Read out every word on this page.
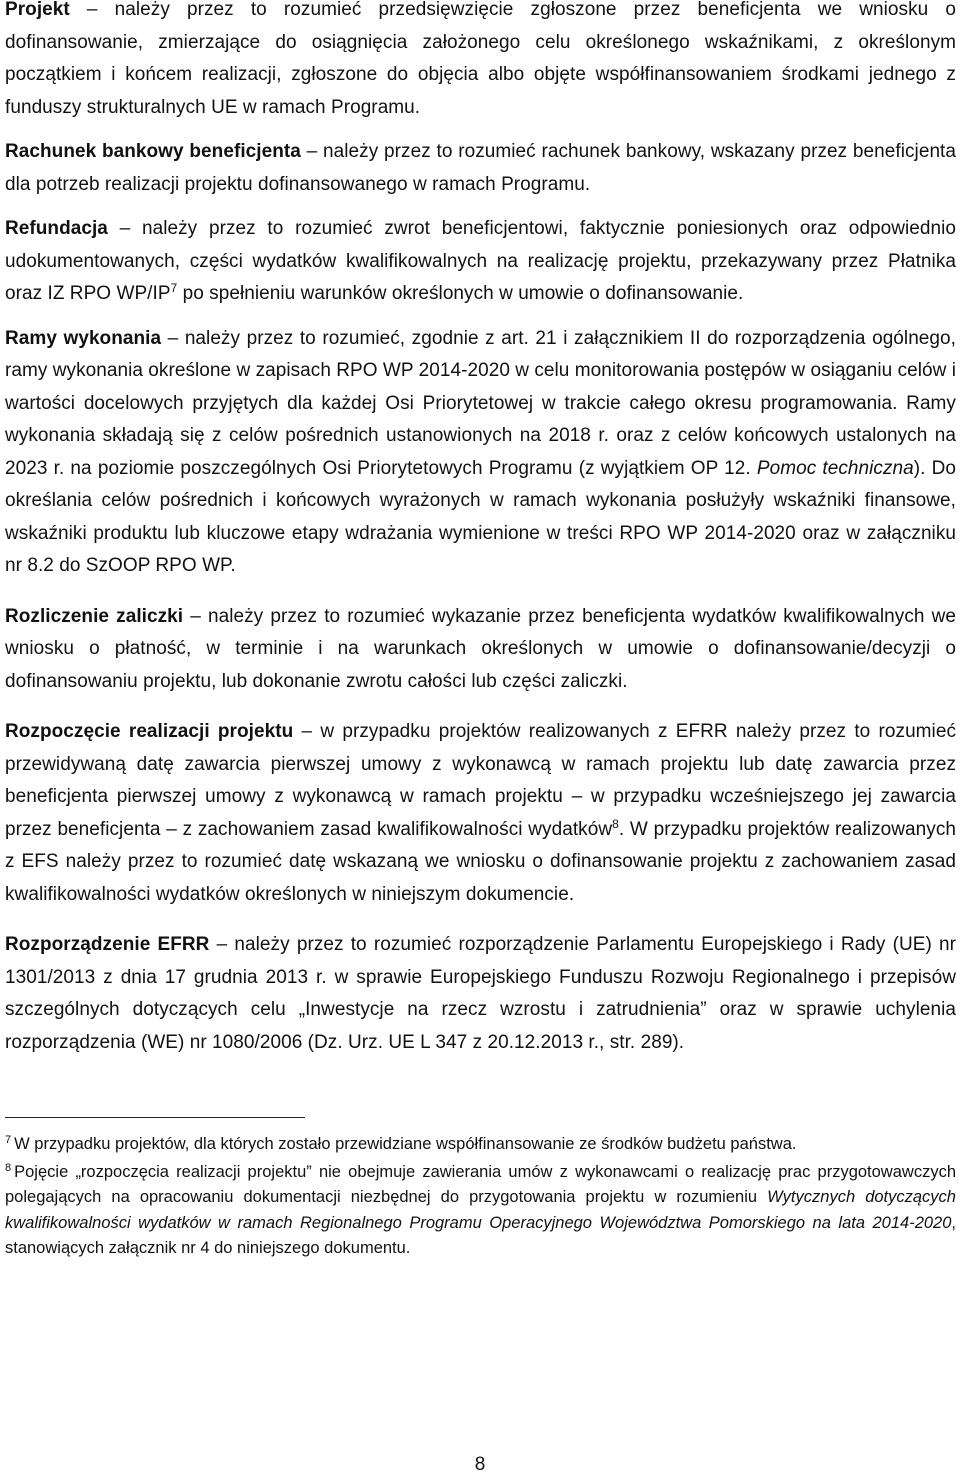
Projekt – należy przez to rozumieć przedsięwzięcie zgłoszone przez beneficjenta we wniosku o dofinansowanie, zmierzające do osiągnięcia założonego celu określonego wskaźnikami, z określonym początkiem i końcem realizacji, zgłoszone do objęcia albo objęte współfinansowaniem środkami jednego z funduszy strukturalnych UE w ramach Programu.

Rachunek bankowy beneficjenta – należy przez to rozumieć rachunek bankowy, wskazany przez beneficjenta dla potrzeb realizacji projektu dofinansowanego w ramach Programu.

Refundacja – należy przez to rozumieć zwrot beneficjentowi, faktycznie poniesionych oraz odpowiednio udokumentowanych, części wydatków kwalifikowalnych na realizację projektu, przekazywany przez Płatnika oraz IZ RPO $WP/IP^7$ po spełnieniu warunków określonych w umowie o dofinansowanie.

Ramy wykonania – należy przez to rozumieć, zgodnie z art. 21 i załącznikiem II do rozporządzenia ogólnego, ramy wykonania określone w zapisach RPO WP 2014-2020 w celu monitorowania postępów w osiąganiu celów i wartości docelowych przyjętych dla każdej Osi Priorytetowej w trakcie całego okresu programowania. Ramy wykonania składają się z celów pośrednich ustanowionych na 2018 r. oraz z celów końcowych ustalonych na 2023 r. na poziomie poszczególnych Osi Priorytetowych Programu (z wyjątkiem OP 12. Pomoc techniczna). Do określania celów pośrednich i końcowych wyrażonych w ramach wykonania posłużyły wskaźniki finansowe, wskaźniki produktu lub kluczowe etapy wdrażania wymienione w treści RPO WP 2014-2020 oraz w załączniku nr 8.2 do SzOOP RPO WP.

Rozliczenie zaliczki – należy przez to rozumieć wykazanie przez beneficjenta wydatków kwalifikowalnych we wniosku o płatność, w terminie i na warunkach określonych w umowie o dofinansowanie/decyzji o dofinansowaniu projektu, lub dokonanie zwrotu całości lub części zaliczki.

Rozpoczęcie realizacji projektu – w przypadku projektów realizowanych z EFRR należy przez to rozumieć przewidywaną datę zawarcia pierwszej umowy z wykonawcą w ramach projektu lub datę zawarcia przez beneficjenta pierwszej umowy z wykonawcą w ramach projektu – w przypadku wcześniejszego jej zawarcia przez beneficjenta – z zachowaniem zasad kwalifikowalności wydatków$^8$. W przypadku projektów realizowanych z EFS należy przez to rozumieć datę wskazaną we wniosku o dofinansowanie projektu z zachowaniem zasad kwalifikowalności wydatków określonych w niniejszym dokumencie.

Rozporządzenie EFRR – należy przez to rozumieć rozporządzenie Parlamentu Europejskiego i Rady (UE) nr 1301/2013 z dnia 17 grudnia 2013 r. w sprawie Europejskiego Funduszu Rozwoju Regionalnego i przepisów szczególnych dotyczących celu „Inwestycje na rzecz wzrostu i zatrudnienia” oraz w sprawie uchylenia rozporządzenia (WE) nr 1080/2006 (Dz. Urz. UE L 347 z 20.12.2013 r., str. 289).

$^7$ W przypadku projektów, dla których zostało przewidziane współfinansowanie ze środków budżetu państwa.

$^8$ Pojęcie „rozpoczęcia realizacji projektu” nie obejmuje zawierania umów z wykonawcami o realizację prac przygotowawczych polegających na opracowaniu dokumentacji niezbędnej do przygotowania projektu w rozumieniu Wytycznych dotyczących kwalifikowalności wydatków w ramach Regionalnego Programu Operacyjnego Województwa Pomorskiego na lata 2014-2020, stanowiących załącznik nr 4 do niniejszego dokumentu.

8
